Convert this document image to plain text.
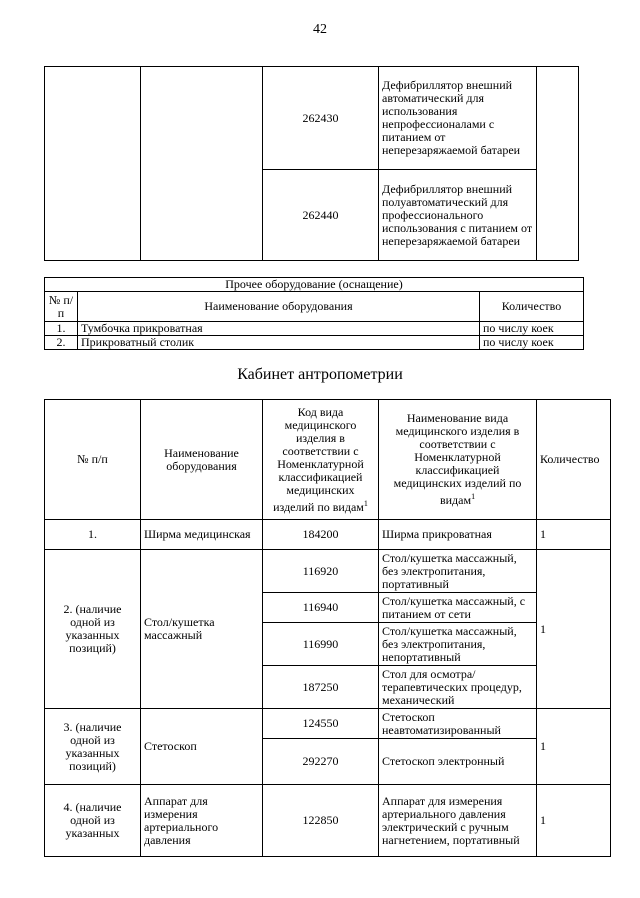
42
		262430	Дефибриллятор внешний автоматический для использования непрофессионалами с питанием от неперезаряжаемой батареи	
		262440	Дефибриллятор внешний полуавтоматический для профессионального использования с питанием от неперезаряжаемой батареи	
Прочее оборудование (оснащение)		
№ п/п	Наименование оборудования	Количество
1.	Тумбочка прикроватная	по числу коек
2.	Прикроватный столик	по числу коек
Кабинет антропометрии
№ п/п	Наименование оборудования	Код вида медицинского изделия в соответствии с Номенклатурной классификацией медицинских изделий по видам$^1$	Наименование вида медицинского изделия в соответствии с Номенклатурной классификацией медицинских изделий по видам$^1$	Количество
1.	Ширма медицинская	184200	Ширма прикроватная	1
2. (наличие одной из указанных позиций)	Стол/кушетка массажный	116920	Стол/кушетка массажный, без электропитания, портативный	1
		116940	Стол/кушетка массажный, с питанием от сети	
		116990	Стол/кушетка массажный, без электропитания, непортативный	
		187250	Стол для осмотра/ терапевтических процедур, механический	
3. (наличие одной из указанных позиций)	Стетоскоп	124550	Стетоскоп неавтоматизированный	1
		292270	Стетоскоп электронный	
4. (наличие одной из указанных	Аппарат для измерения артериального давления	122850	Аппарат для измерения артериального давления электрический с ручным нагнетением, портативный	1
